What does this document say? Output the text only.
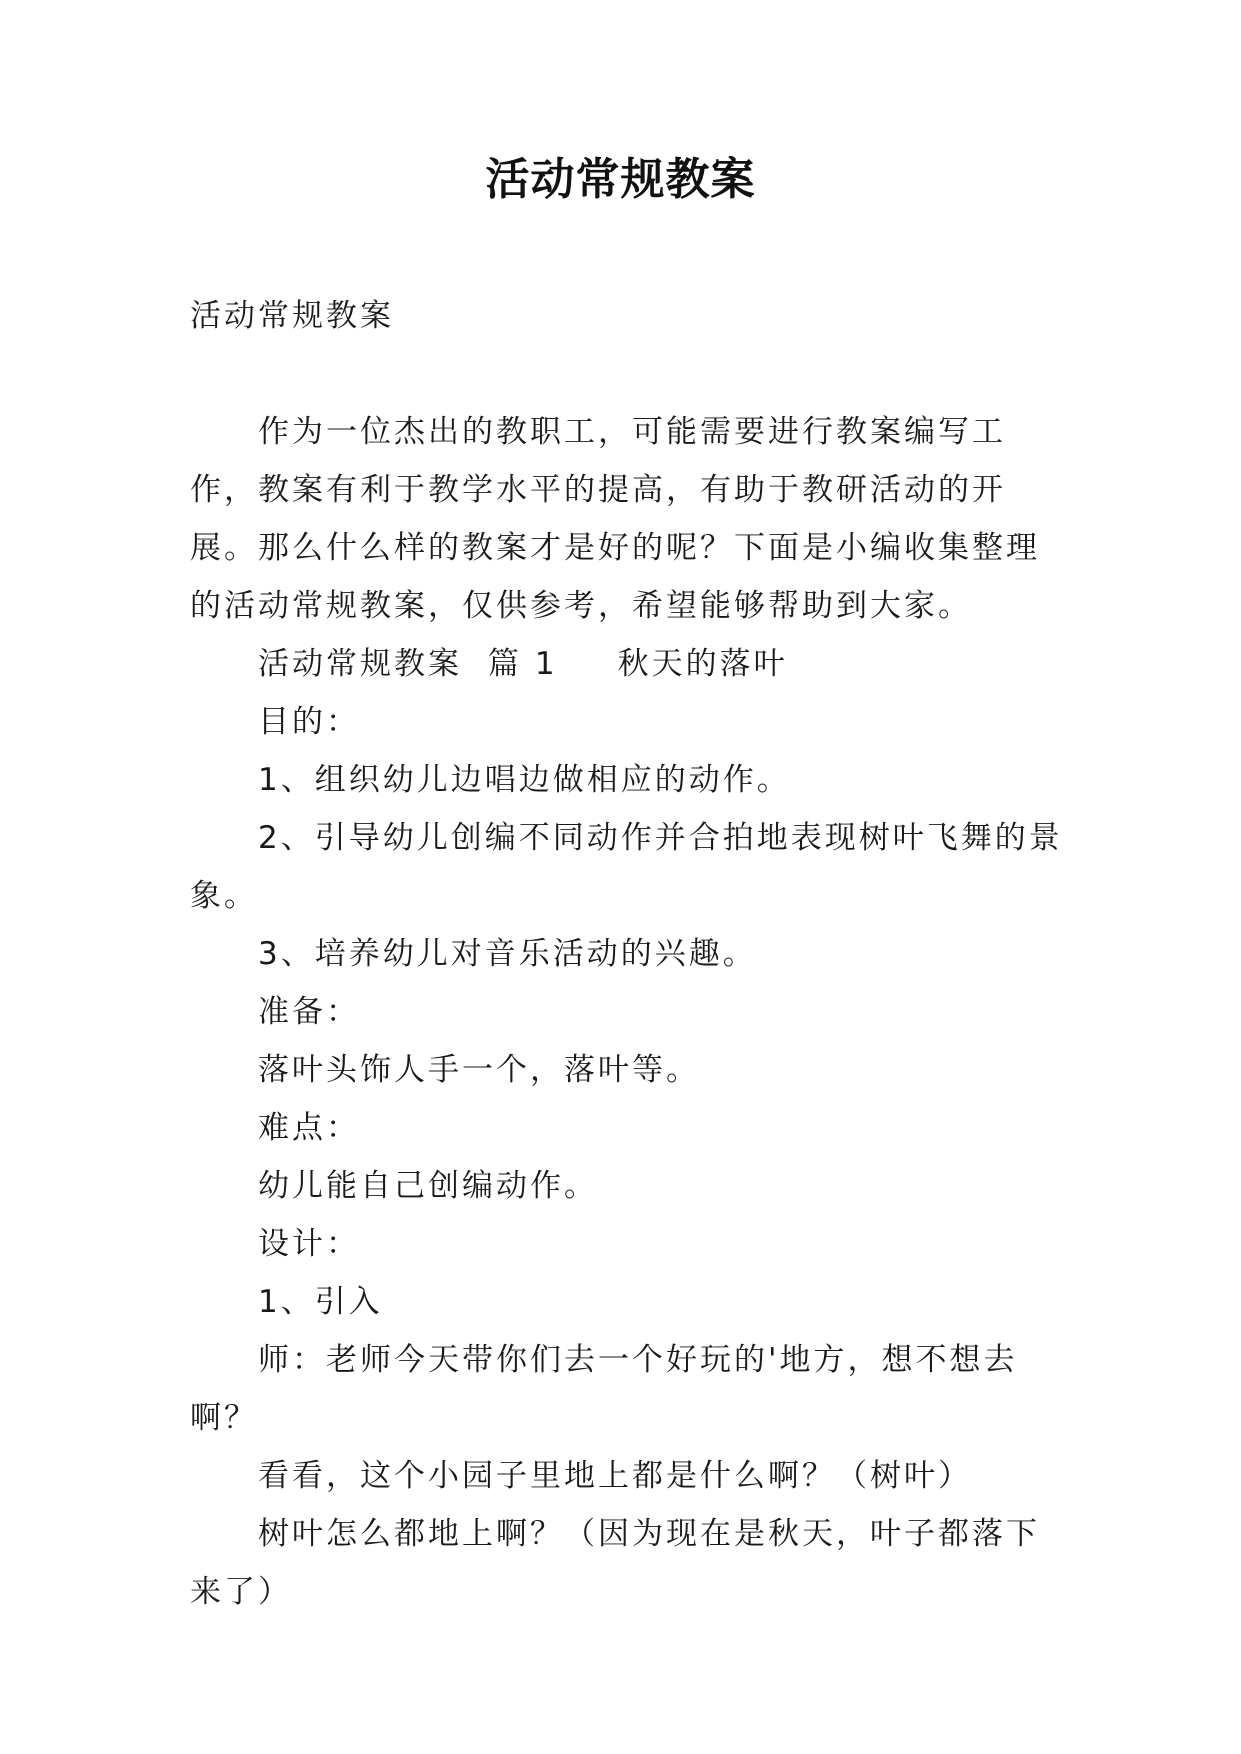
活动常规教案

活动常规教案

作为一位杰出的教职工，可能需要进行教案编写工作，教案有利于教学水平的提高，有助于教研活动的开展。那么什么样的教案才是好的呢？下面是小编收集整理的活动常规教案，仅供参考，希望能够帮助到大家。

活动常规教案 篇 1 秋天的落叶

目的：

1、组织幼儿边唱边做相应的动作。

2、引导幼儿创编不同动作并合拍地表现树叶飞舞的景象。

3、培养幼儿对音乐活动的兴趣。

准备：

落叶头饰人手一个，落叶等。

难点：

幼儿能自己创编动作。

设计：

1、引入

师：老师今天带你们去一个好玩的'地方，想不想去啊？

看看，这个小园子里地上都是什么啊？（树叶）

树叶怎么都地上啊？（因为现在是秋天，叶子都落下来了）
